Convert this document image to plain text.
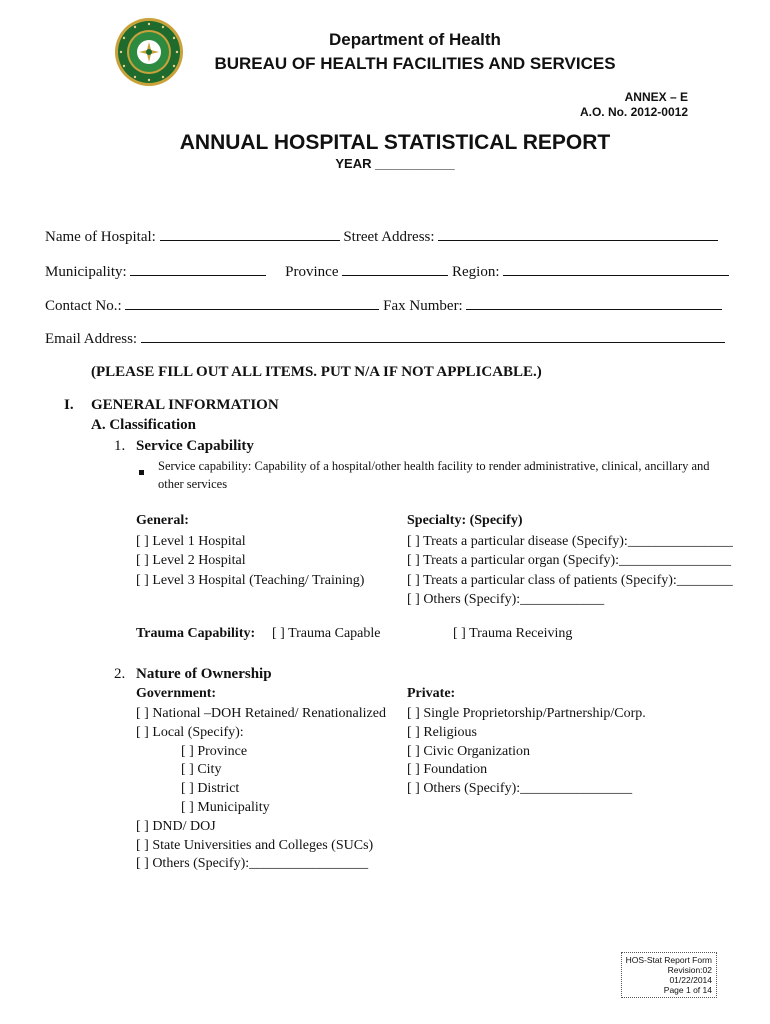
Department of Health
BUREAU OF HEALTH FACILITIES AND SERVICES
ANNEX – E
A.O. No. 2012-0012
ANNUAL HOSPITAL STATISTICAL REPORT
YEAR ___________
Name of Hospital:	Street Address:
Municipality:	Province	Region:
Contact No.:	Fax Number:
Email Address:
(PLEASE FILL OUT ALL ITEMS. PUT N/A IF NOT APPLICABLE.)
I. GENERAL INFORMATION
A. Classification
1. Service Capability
Service capability: Capability of a hospital/other health facility to render administrative, clinical, ancillary and other services
General:
[ ] Level 1 Hospital
[ ] Level 2 Hospital
[ ] Level 3 Hospital (Teaching/ Training)
Specialty: (Specify)
[ ] Treats a particular disease (Specify):_______________
[ ] Treats a particular organ (Specify):________________
[ ] Treats a particular class of patients (Specify):________
[ ] Others (Specify):____________
Trauma Capability: [ ] Trauma Capable	[ ] Trauma Receiving
2. Nature of Ownership
Government:
[ ] National –DOH Retained/ Renationalized
[ ] Local (Specify):
[ ] Province
[ ] City
[ ] District
[ ] Municipality
[ ] DND/ DOJ
[ ] State Universities and Colleges (SUCs)
[ ] Others (Specify):_________________
Private:
[ ] Single Proprietorship/Partnership/Corp.
[ ] Religious
[ ] Civic Organization
[ ] Foundation
[ ] Others (Specify):________________
HOS-Stat Report Form
Revision:02
01/22/2014
Page 1 of 14
